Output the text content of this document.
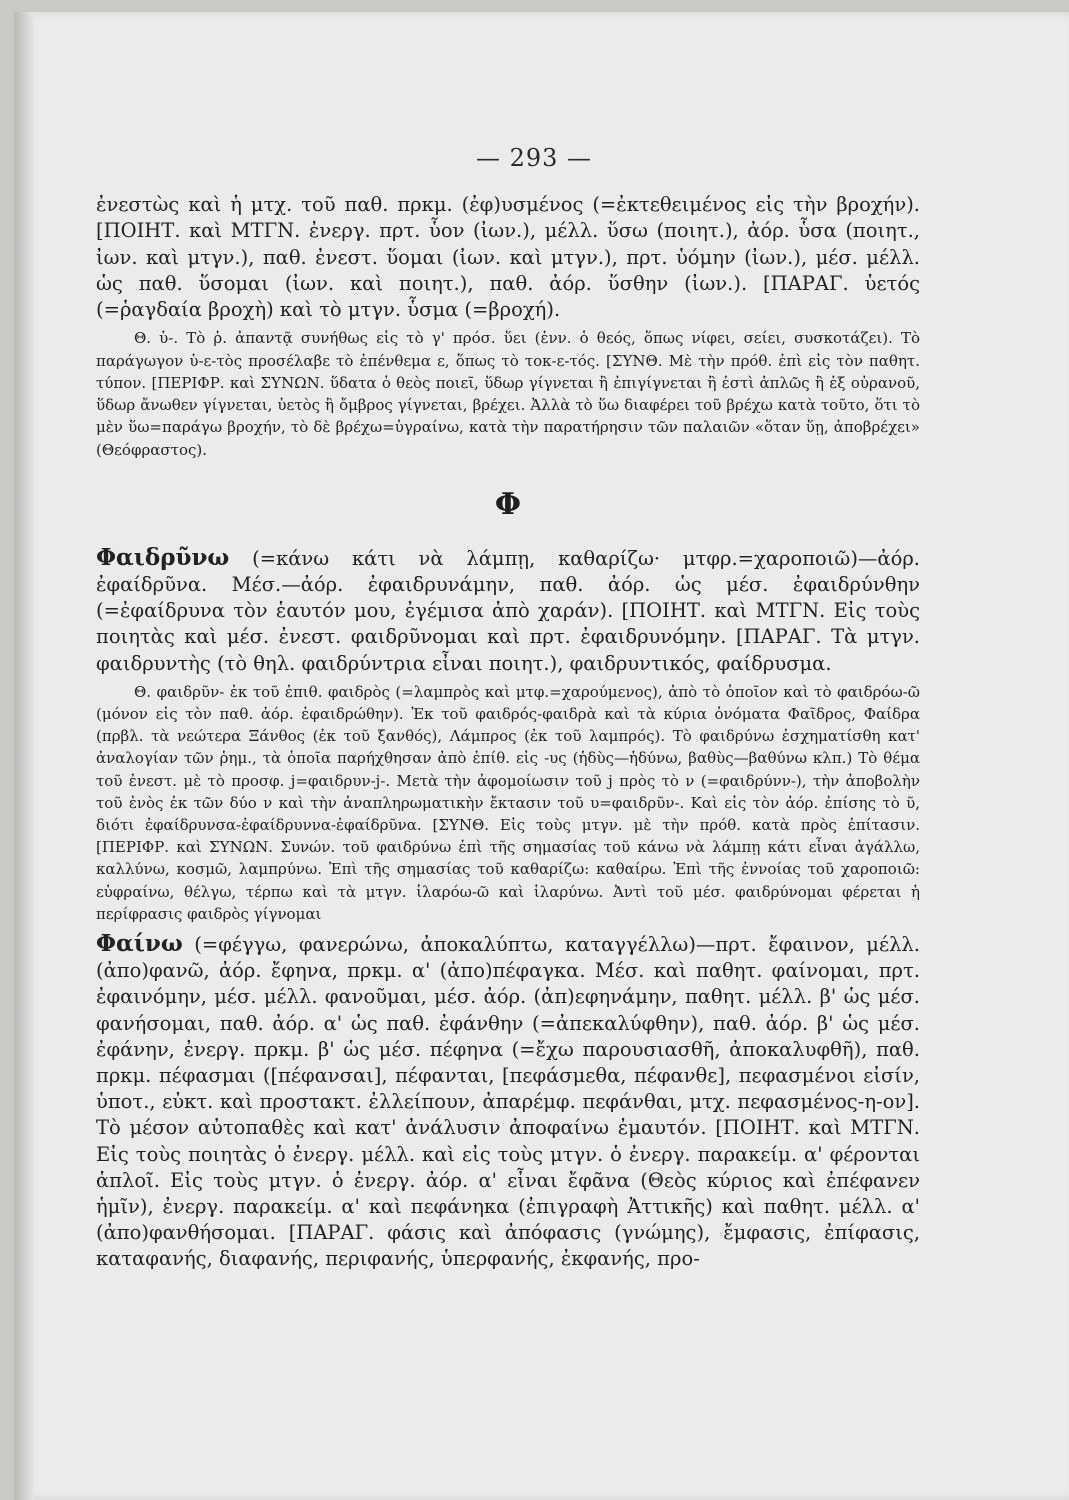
— 293 —

ἐνεστὼς καὶ ἡ μτχ. τοῦ παθ. πρκμ. (ἐφ)υσμένος (=ἐκτεθειμένος εἰς τὴν βροχήν). [ΠΟΙΗΤ. καὶ ΜΤΓΝ. ἐνεργ. πρτ. ὗον (ἰων.), μέλλ. ὕσω (ποιητ.), ἀόρ. ὗσα (ποιητ., ἰων. καὶ μτγν.), παθ. ἐνεστ. ὕομαι (ἰων. καὶ μτγν.), πρτ. ὑόμην (ἰων.), μέσ. μέλλ. ὡς παθ. ὕσομαι (ἰων. καὶ ποιητ.), παθ. ἀόρ. ὕσθην (ἰων.). [ΠΑΡΑΓ. ὑετός (=ῥαγδαία βροχὴ) καὶ τὸ μτγν. ὗσμα (=βροχή).

Θ. ὑ-. Τὸ ῥ. ἀπαντᾷ συνήθως εἰς τὸ γ' πρόσ. ὕει (ἐνν. ὁ θεός, ὅπως νίφει, σείει, συσκοτάζει). Τὸ παράγωγον ὑ-ε-τὸς προσέλαβε τὸ ἐπένθεμα ε, ὅπως τὸ τοκ-ε-τός. [ΣΥΝΘ. Μὲ τὴν πρόθ. ἐπὶ εἰς τὸν παθητ. τύπον. [ΠΕΡΙΦΡ. καὶ ΣΥΝΩΝ. ὕδατα ὁ θεὸς ποιεῖ, ὕδωρ γίγνεται ἢ ἐπιγίγνεται ἢ ἐστὶ ἁπλῶς ἢ ἐξ οὐρανοῦ, ὕδωρ ἄνωθεν γίγνεται, ὑετὸς ἢ ὄμβρος γίγνεται, βρέχει. Ἀλλὰ τὸ ὕω διαφέρει τοῦ βρέχω κατὰ τοῦτο, ὅτι τὸ μὲν ὕω=παράγω βροχήν, τὸ δὲ βρέχω=ὑγραίνω, κατὰ τὴν παρατήρησιν τῶν παλαιῶν «ὅταν ὕῃ, ἀποβρέχει» (Θεόφραστος).

Φ

Φαιδρῦνω (=κάνω κάτι νὰ λάμπῃ, καθαρίζω· μτφρ.=χαροποιῶ)—ἀόρ. ἐφαίδρῦνα. Μέσ.—ἀόρ. ἐφαιδρυνάμην, παθ. ἀόρ. ὡς μέσ. ἐφαιδρύνθην (=ἐφαίδρυνα τὸν ἑαυτόν μου, ἐγέμισα ἀπὸ χαράν). [ΠΟΙΗΤ. καὶ ΜΤΓΝ. Εἰς τοὺς ποιητὰς καὶ μέσ. ἐνεστ. φαιδρῦνομαι καὶ πρτ. ἐφαιδρυνόμην. [ΠΑΡΑΓ. Τὰ μτγν. φαιδρυντὴς (τὸ θηλ. φαιδρύντρια εἶναι ποιητ.), φαιδρυντικός, φαίδρυσμα.

Θ. φαιδρῦν- ἐκ τοῦ ἐπιθ. φαιδρὸς (=λαμπρὸς καὶ μτφ.=χαρούμενος), ἀπὸ τὸ ὁποῖον καὶ τὸ φαιδρόω-ῶ (μόνον εἰς τὸν παθ. ἀόρ. ἐφαιδρώθην). Ἐκ τοῦ φαιδρός-φαιδρὰ καὶ τὰ κύρια ὀνόματα Φαῖδρος, Φαίδρα (πρβλ. τὰ νεώτερα Ξάνθος (ἐκ τοῦ ξανθός), Λάμπρος (ἐκ τοῦ λαμπρός). Τὸ φαιδρύνω ἐσχηματίσθη κατ' ἀναλογίαν τῶν ῥημ., τὰ ὁποῖα παρήχθησαν ἀπὸ ἐπίθ. εἰς -υς (ἡδὺς—ἡδύνω, βαθὺς—βαθύνω κλπ.) Τὸ θέμα τοῦ ἐνεστ. μὲ τὸ προσφ. j=φαιδρυν-j-. Μετὰ τὴν ἀφομοίωσιν τοῦ j πρὸς τὸ ν (=φαιδρύνν-), τὴν ἀποβολὴν τοῦ ἑνὸς ἐκ τῶν δύο ν καὶ τὴν ἀναπληρωματικὴν ἔκτασιν τοῦ υ=φαιδρῦν-. Καὶ εἰς τὸν ἀόρ. ἐπίσης τὸ ῦ, διότι ἐφαίδρυνσα-ἐφαίδρυννα-ἐφαίδρῦνα. [ΣΥΝΘ. Εἰς τοὺς μτγν. μὲ τὴν πρόθ. κατὰ πρὸς ἐπίτασιν. [ΠΕΡΙΦΡ. καὶ ΣΥΝΩΝ. Συνών. τοῦ φαιδρύνω ἐπὶ τῆς σημασίας τοῦ κάνω νὰ λάμπῃ κάτι εἶναι ἀγάλλω, καλλύνω, κοσμῶ, λαμπρύνω. Ἐπὶ τῆς σημασίας τοῦ καθαρίζω: καθαίρω. Ἐπὶ τῆς ἐννοίας τοῦ χαροποιῶ: εὐφραίνω, θέλγω, τέρπω καὶ τὰ μτγν. ἱλαρόω-ῶ καὶ ἱλαρύνω. Ἀντὶ τοῦ μέσ. φαιδρύνομαι φέρεται ἡ περίφρασις φαιδρὸς γίγνομαι

Φαίνω (=φέγγω, φανερώνω, ἀποκαλύπτω, καταγγέλλω)—πρτ. ἔφαινον, μέλλ. (ἀπο)φανῶ, ἀόρ. ἔφηνα, πρκμ. α' (ἀπο)πέφαγκα. Μέσ. καὶ παθητ. φαίνομαι, πρτ. ἐφαινόμην, μέσ. μέλλ. φανοῦμαι, μέσ. ἀόρ. (ἀπ)εφηνάμην, παθητ. μέλλ. β' ὡς μέσ. φανήσομαι, παθ. ἀόρ. α' ὡς παθ. ἐφάνθην (=ἀπεκαλύφθην), παθ. ἀόρ. β' ὡς μέσ. ἐφάνην, ἐνεργ. πρκμ. β' ὡς μέσ. πέφηνα (=ἔχω παρουσιασθῆ, ἀποκαλυφθῆ), παθ. πρκμ. πέφασμαι ([πέφανσαι], πέφανται, [πεφάσμεθα, πέφανθε], πεφασμένοι εἰσίν, ὑποτ., εὐκτ. καὶ προστακτ. ἐλλείπουν, ἀπαρέμφ. πεφάνθαι, μτχ. πεφασμένος-η-ον]. Τὸ μέσον αὐτοπαθὲς καὶ κατ' ἀνάλυσιν ἀποφαίνω ἐμαυτόν. [ΠΟΙΗΤ. καὶ ΜΤΓΝ. Εἰς τοὺς ποιητὰς ὁ ἐνεργ. μέλλ. καὶ εἰς τοὺς μτγν. ὁ ἐνεργ. παρακείμ. α' φέρονται ἁπλοῖ. Εἰς τοὺς μτγν. ὁ ἐνεργ. ἀόρ. α' εἶναι ἔφᾶνα (Θεὸς κύριος καὶ ἐπέφανεν ἡμῖν), ἐνεργ. παρακείμ. α' καὶ πεφάνηκα (ἐπιγραφὴ Ἀττικῆς) καὶ παθητ. μέλλ. α' (ἀπο)φανθήσομαι. [ΠΑΡΑΓ. φάσις καὶ ἀπόφασις (γνώμης), ἔμφασις, ἐπίφασις, καταφανής, διαφανής, περιφανής, ὑπερφανής, ἐκφανής, προ-
